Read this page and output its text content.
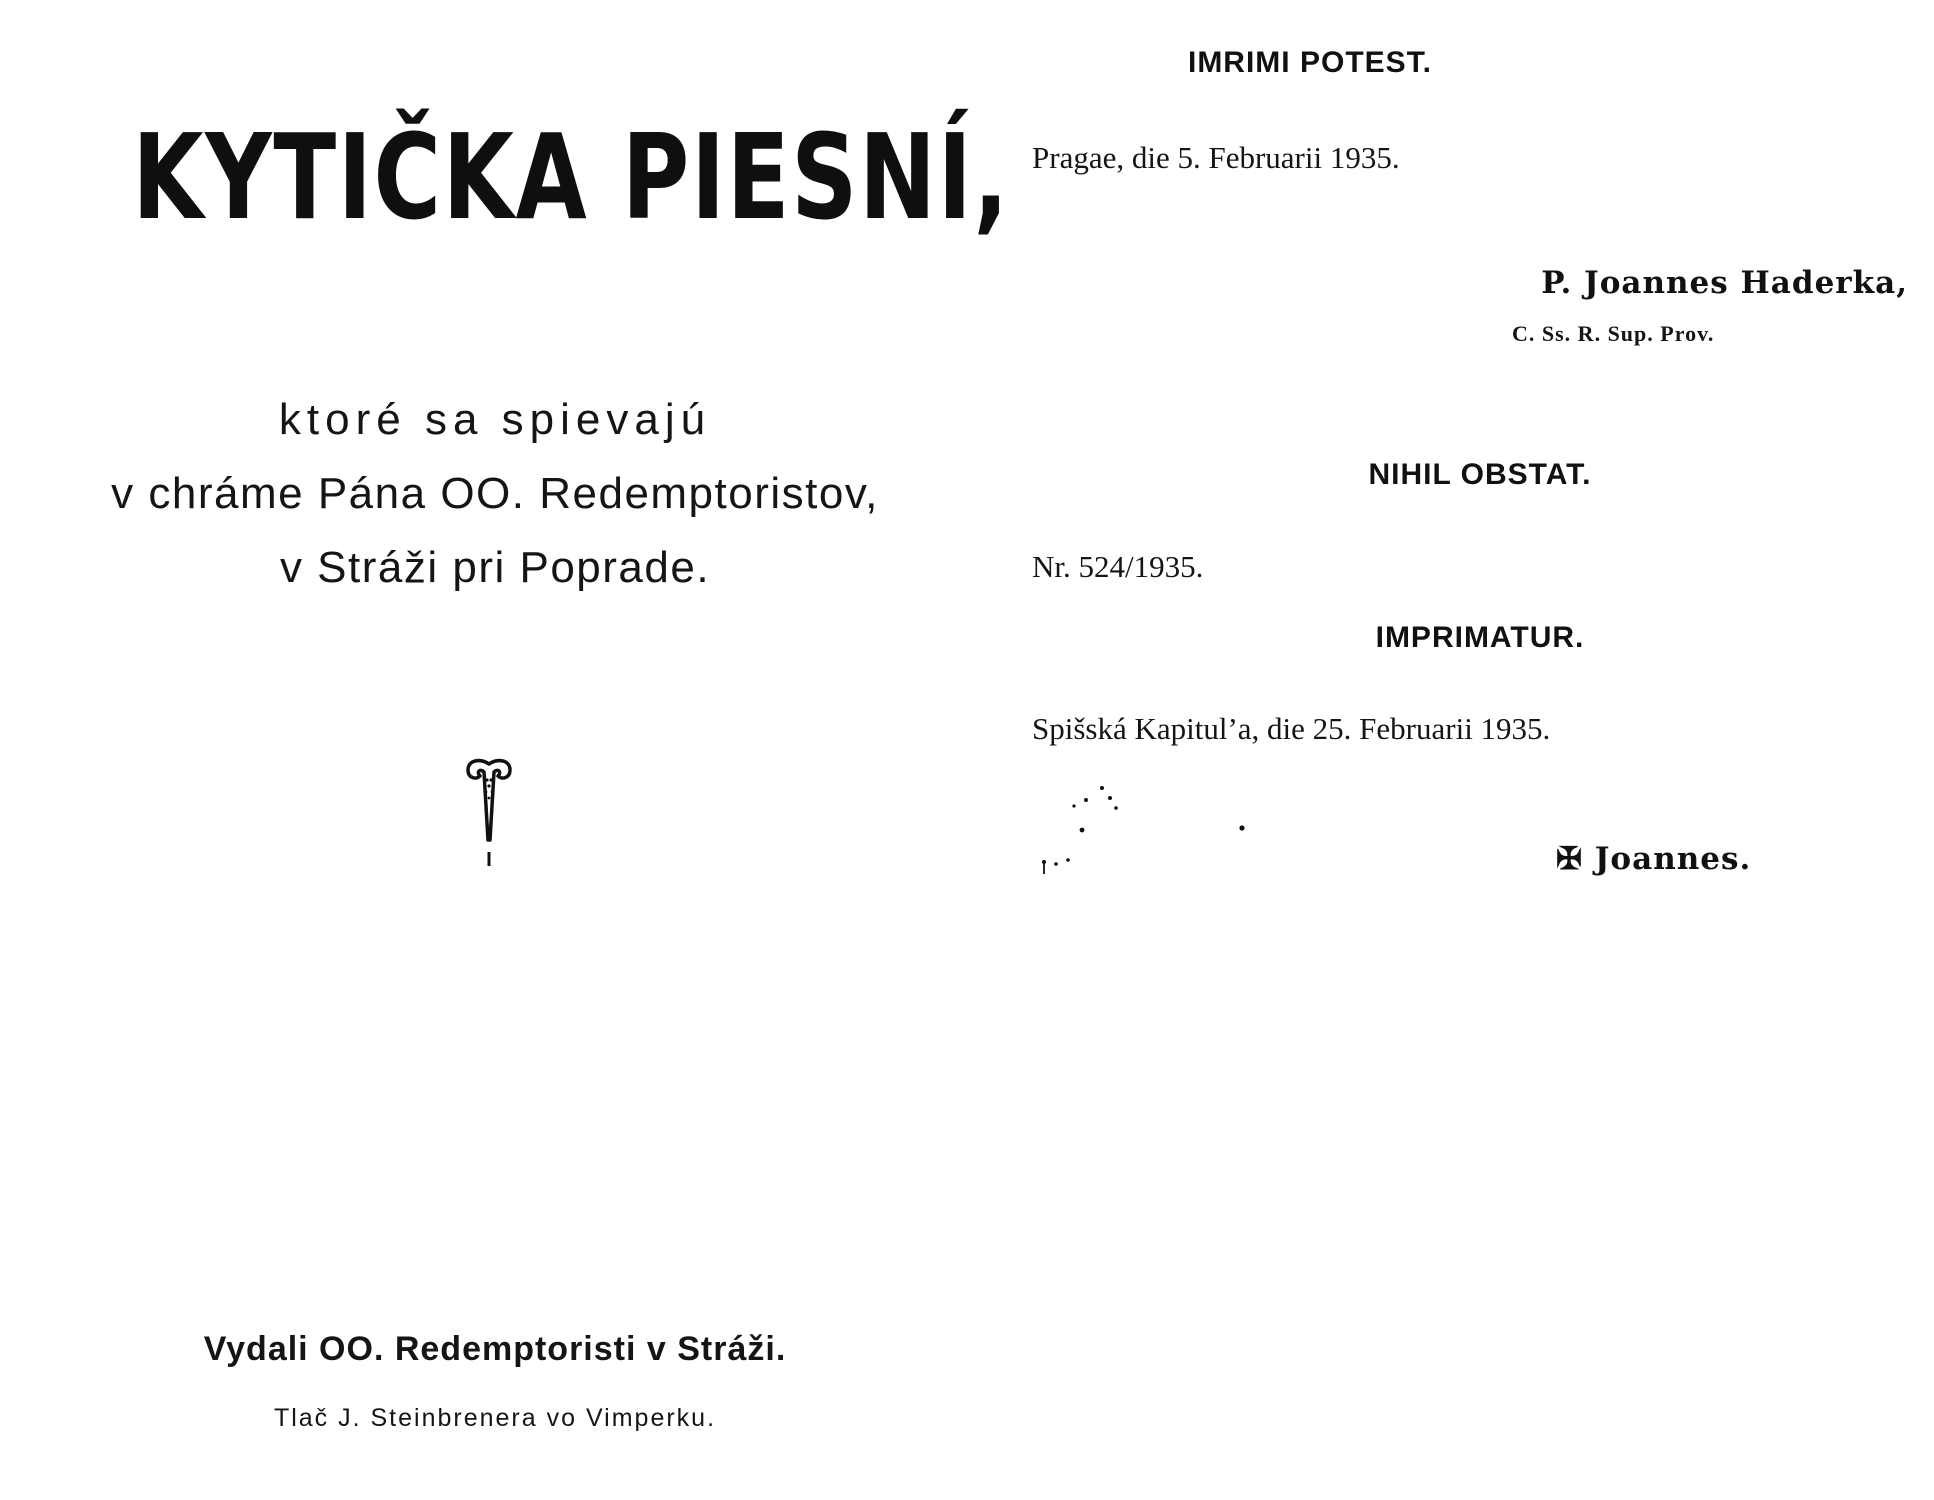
KYTIČKA PIESNÍ,
ktoré sa spievajú
v chráme Pána OO. Redemptoristov,
v Stráži pri Poprade.
Vydali OO. Redemptoristi v Stráži.
Tlač J. Steinbrenera vo Vimperku.
IMRIMI POTEST.
Pragae, die 5. Februarii 1935.
P. Joannes Haderka,
C. Ss. R. Sup. Prov.
NIHIL OBSTAT.
Nr. 524/1935.
IMPRIMATUR.
Spišská Kapitul’a, die 25. Februarii 1935.
✠ Joannes.
